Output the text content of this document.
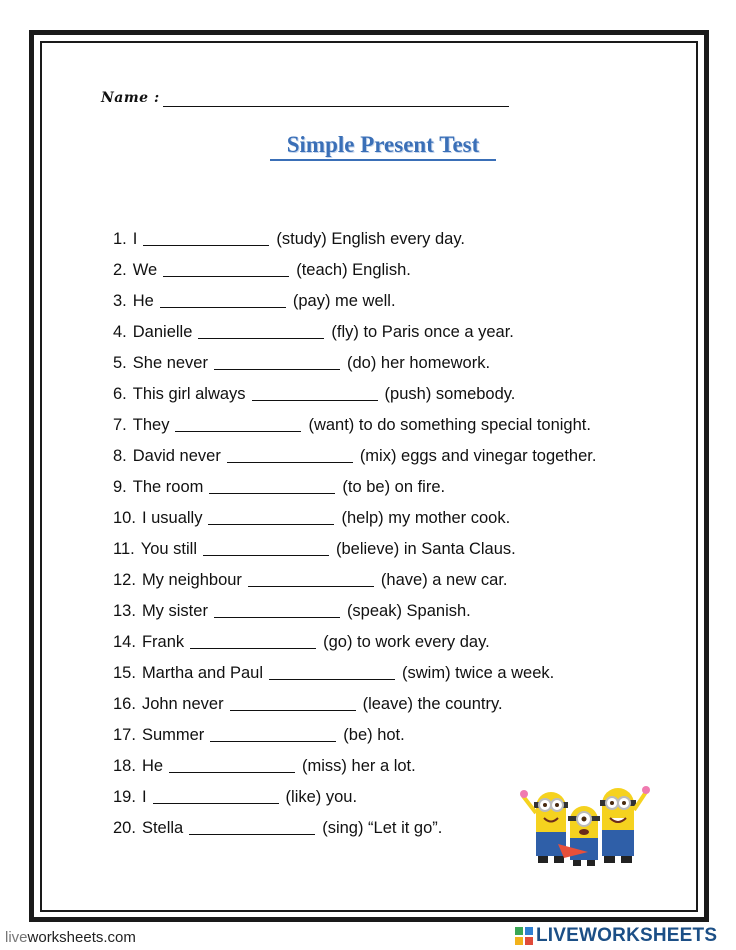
Name :
Simple Present Test
1. I	(study) English every day.
2. We	(teach) English.
3. He	(pay) me well.
4. Danielle	(fly) to Paris once a year.
5. She never	(do) her homework.
6. This girl always	(push) somebody.
7. They	(want) to do something special tonight.
8. David never	(mix) eggs and vinegar together.
9. The room	(to be) on fire.
10. I usually	(help) my mother cook.
11. You still	(believe) in Santa Claus.
12. My neighbour	(have) a new car.
13. My sister	(speak) Spanish.
14. Frank	(go) to work every day.
15. Martha and Paul	(swim) twice a week.
16. John never	(leave) the country.
17. Summer	(be) hot.
18. He	(miss) her a lot.
19. I	(like) you.
20. Stella	(sing) “Let it go”.
liveworksheets.com	LIVEWORKSHEETS
